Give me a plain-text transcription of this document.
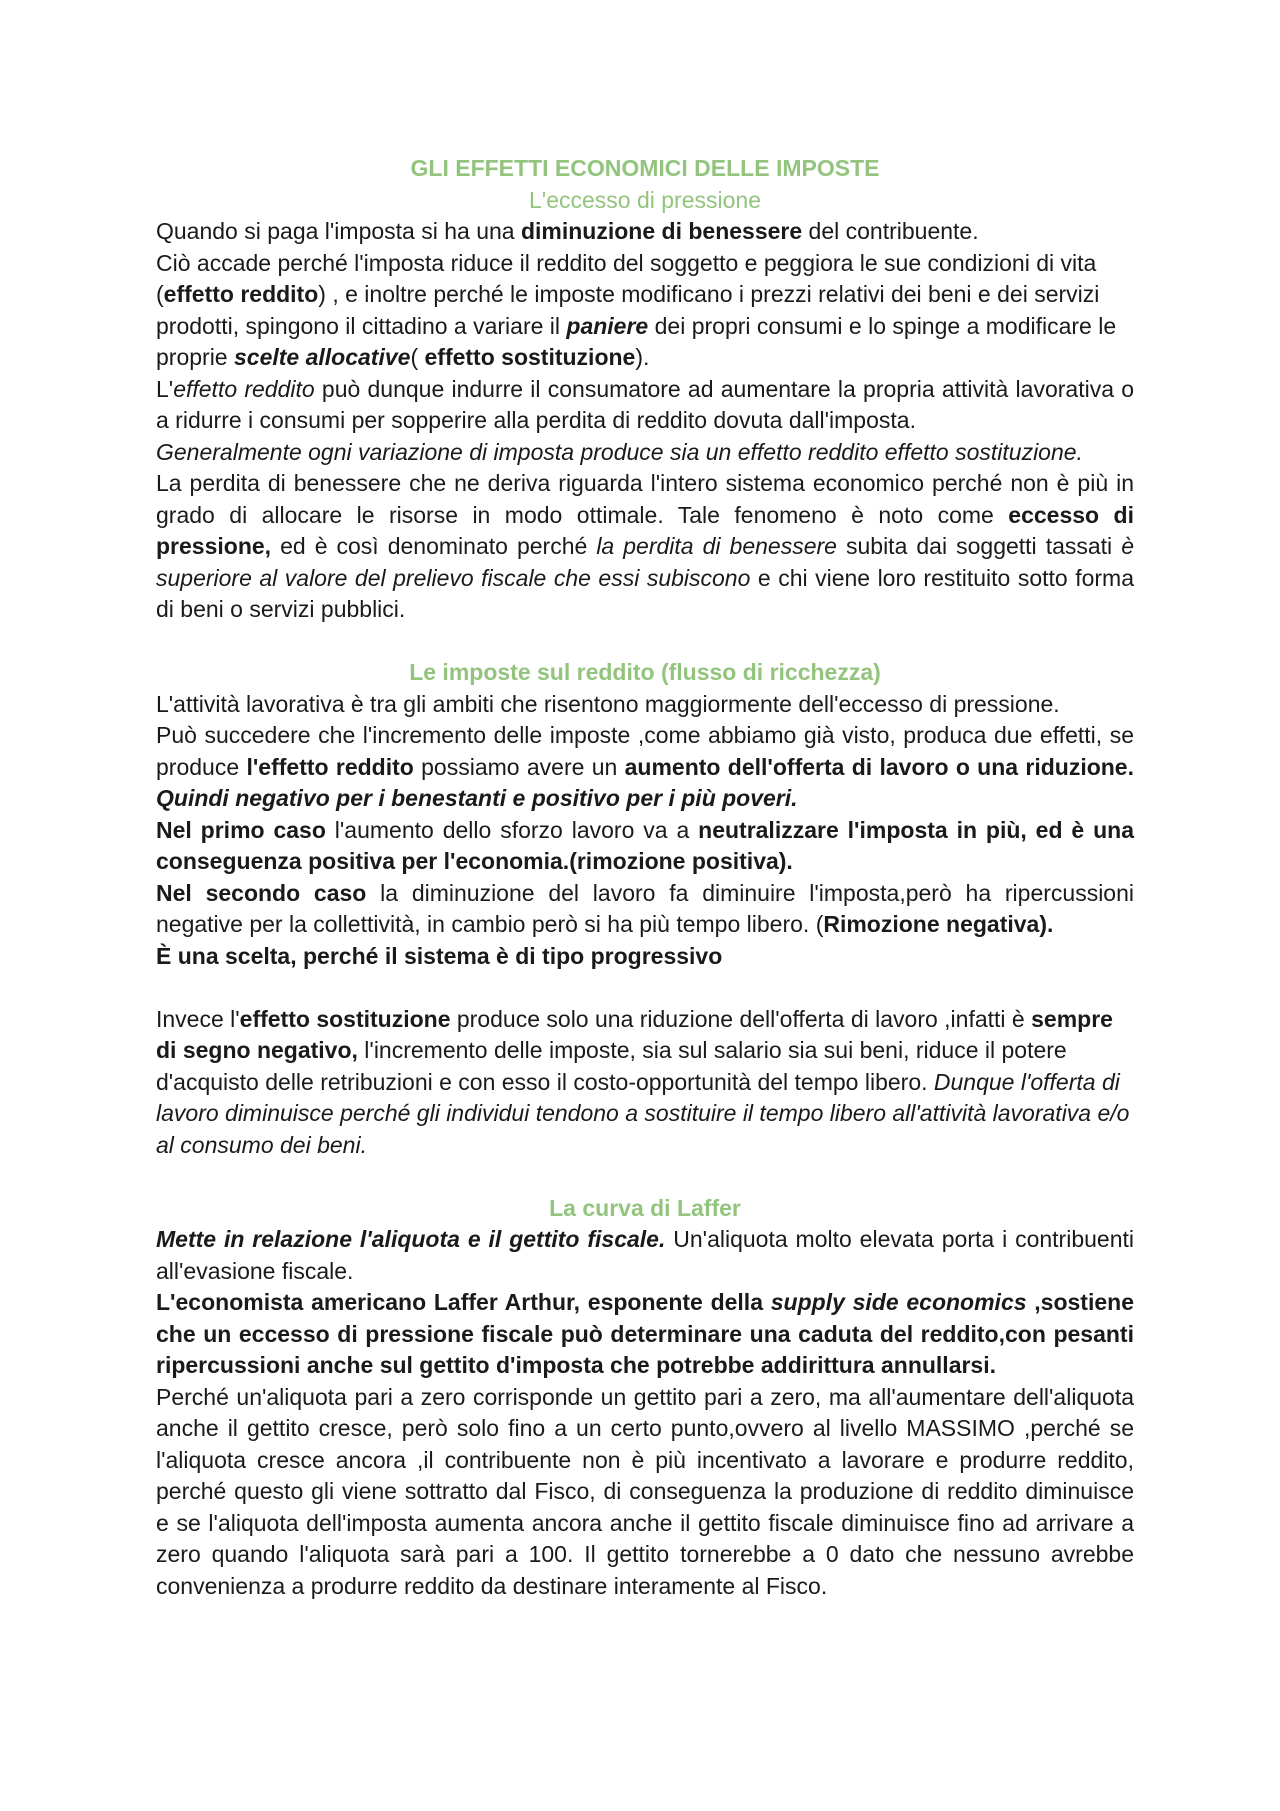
GLI EFFETTI ECONOMICI DELLE IMPOSTE
L'eccesso di pressione

Quando si paga l'imposta si ha una diminuzione di benessere del contribuente.

Ciò accade perché l'imposta riduce il reddito del soggetto e peggiora le sue condizioni di vita (effetto reddito) , e inoltre perché le imposte modificano i prezzi relativi dei beni e dei servizi prodotti, spingono il cittadino a variare il paniere dei propri consumi e lo spinge a modificare le proprie scelte allocative( effetto sostituzione).

L'effetto reddito può dunque indurre il consumatore ad aumentare la propria attività lavorativa o a ridurre i consumi per sopperire alla perdita di reddito dovuta dall'imposta.

Generalmente ogni variazione di imposta produce sia un effetto reddito effetto sostituzione.

La perdita di benessere che ne deriva riguarda l'intero sistema economico perché non è più in grado di allocare le risorse in modo ottimale. Tale fenomeno è noto come eccesso di pressione, ed è così denominato perché la perdita di benessere subita dai soggetti tassati è superiore al valore del prelievo fiscale che essi subiscono e chi viene loro restituito sotto forma di beni o servizi pubblici.

Le imposte sul reddito (flusso di ricchezza)

L'attività lavorativa è tra gli ambiti che risentono maggiormente dell'eccesso di pressione.

Può succedere che l'incremento delle imposte ,come abbiamo già visto, produca due effetti, se produce l'effetto reddito possiamo avere un aumento dell'offerta di lavoro o una riduzione. Quindi negativo per i benestanti e positivo per i più poveri.

Nel primo caso l'aumento dello sforzo lavoro va a neutralizzare l'imposta in più, ed è una conseguenza positiva per l'economia.(rimozione positiva).

Nel secondo caso la diminuzione del lavoro fa diminuire l'imposta,però ha ripercussioni negative per la collettività, in cambio però si ha più tempo libero. (Rimozione negativa).

È una scelta, perché il sistema è di tipo progressivo

Invece l'effetto sostituzione produce solo una riduzione dell'offerta di lavoro ,infatti è sempre di segno negativo, l'incremento delle imposte, sia sul salario sia sui beni, riduce il potere d'acquisto delle retribuzioni e con esso il costo-opportunità del tempo libero. Dunque l'offerta di lavoro diminuisce perché gli individui tendono a sostituire il tempo libero all'attività lavorativa e/o al consumo dei beni.

La curva di Laffer

Mette in relazione l'aliquota e il gettito fiscale. Un'aliquota molto elevata porta i contribuenti all'evasione fiscale.

L'economista americano Laffer Arthur, esponente della supply side economics ,sostiene che un eccesso di pressione fiscale può determinare una caduta del reddito,con pesanti ripercussioni anche sul gettito d'imposta che potrebbe addirittura annullarsi.

Perché un'aliquota pari a zero corrisponde un gettito pari a zero, ma all'aumentare dell'aliquota anche il gettito cresce, però solo fino a un certo punto,ovvero al livello MASSIMO ,perché se l'aliquota cresce ancora ,il contribuente non è più incentivato a lavorare e produrre reddito, perché questo gli viene sottratto dal Fisco, di conseguenza la produzione di reddito diminuisce e se l'aliquota dell'imposta aumenta ancora anche il gettito fiscale diminuisce fino ad arrivare a zero quando l'aliquota sarà pari a 100. Il gettito tornerebbe a 0 dato che nessuno avrebbe convenienza a produrre reddito da destinare interamente al Fisco.
